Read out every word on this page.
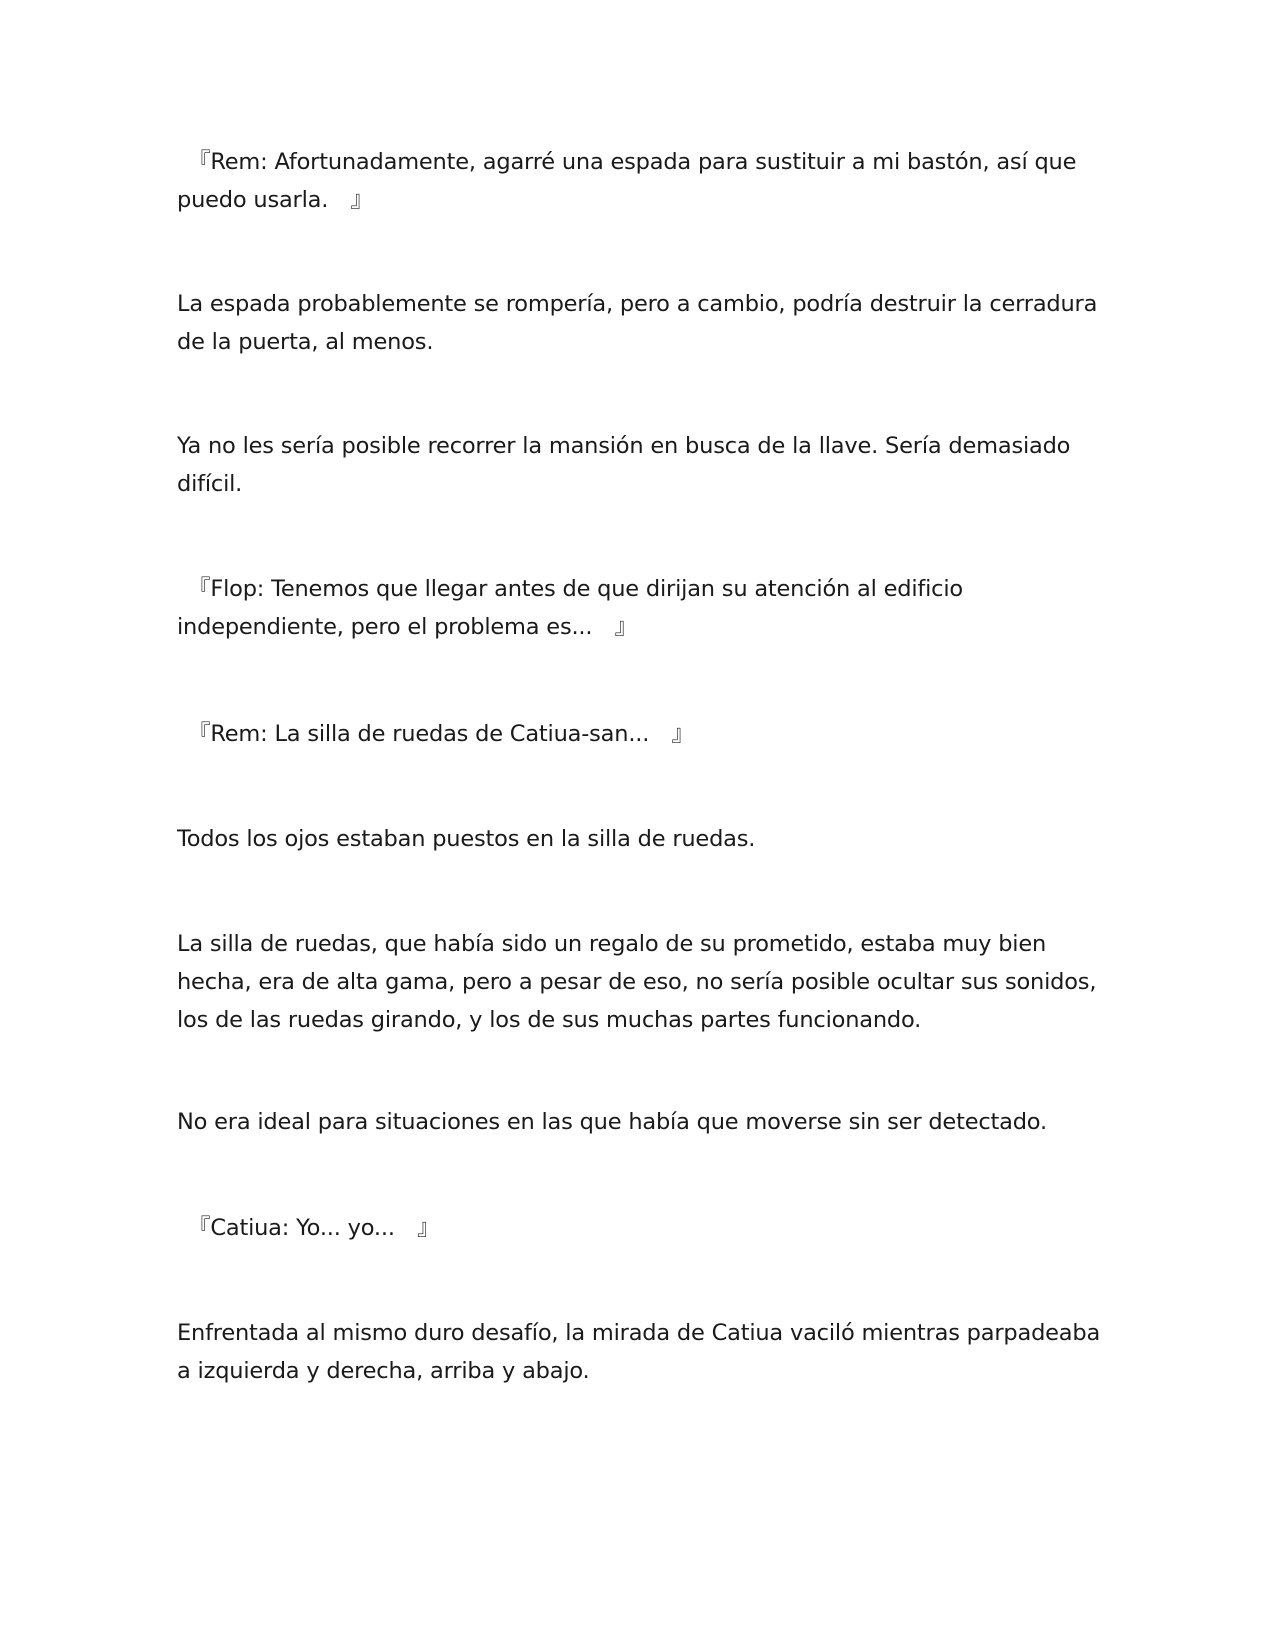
　『Rem: Afortunadamente, agarré una espada para sustituir a mi bastón, así que puedo usarla.　』

La espada probablemente se rompería, pero a cambio, podría destruir la cerradura de la puerta, al menos.

Ya no les sería posible recorrer la mansión en busca de la llave. Sería demasiado difícil.

　『Flop: Tenemos que llegar antes de que dirijan su atención al edificio independiente, pero el problema es...　』

　『Rem: La silla de ruedas de Catiua-san...　』

Todos los ojos estaban puestos en la silla de ruedas.

La silla de ruedas, que había sido un regalo de su prometido, estaba muy bien hecha, era de alta gama, pero a pesar de eso, no sería posible ocultar sus sonidos, los de las ruedas girando, y los de sus muchas partes funcionando.

No era ideal para situaciones en las que había que moverse sin ser detectado.

　『Catiua: Yo... yo...　』

Enfrentada al mismo duro desafío, la mirada de Catiua vaciló mientras parpadeaba a izquierda y derecha, arriba y abajo.
